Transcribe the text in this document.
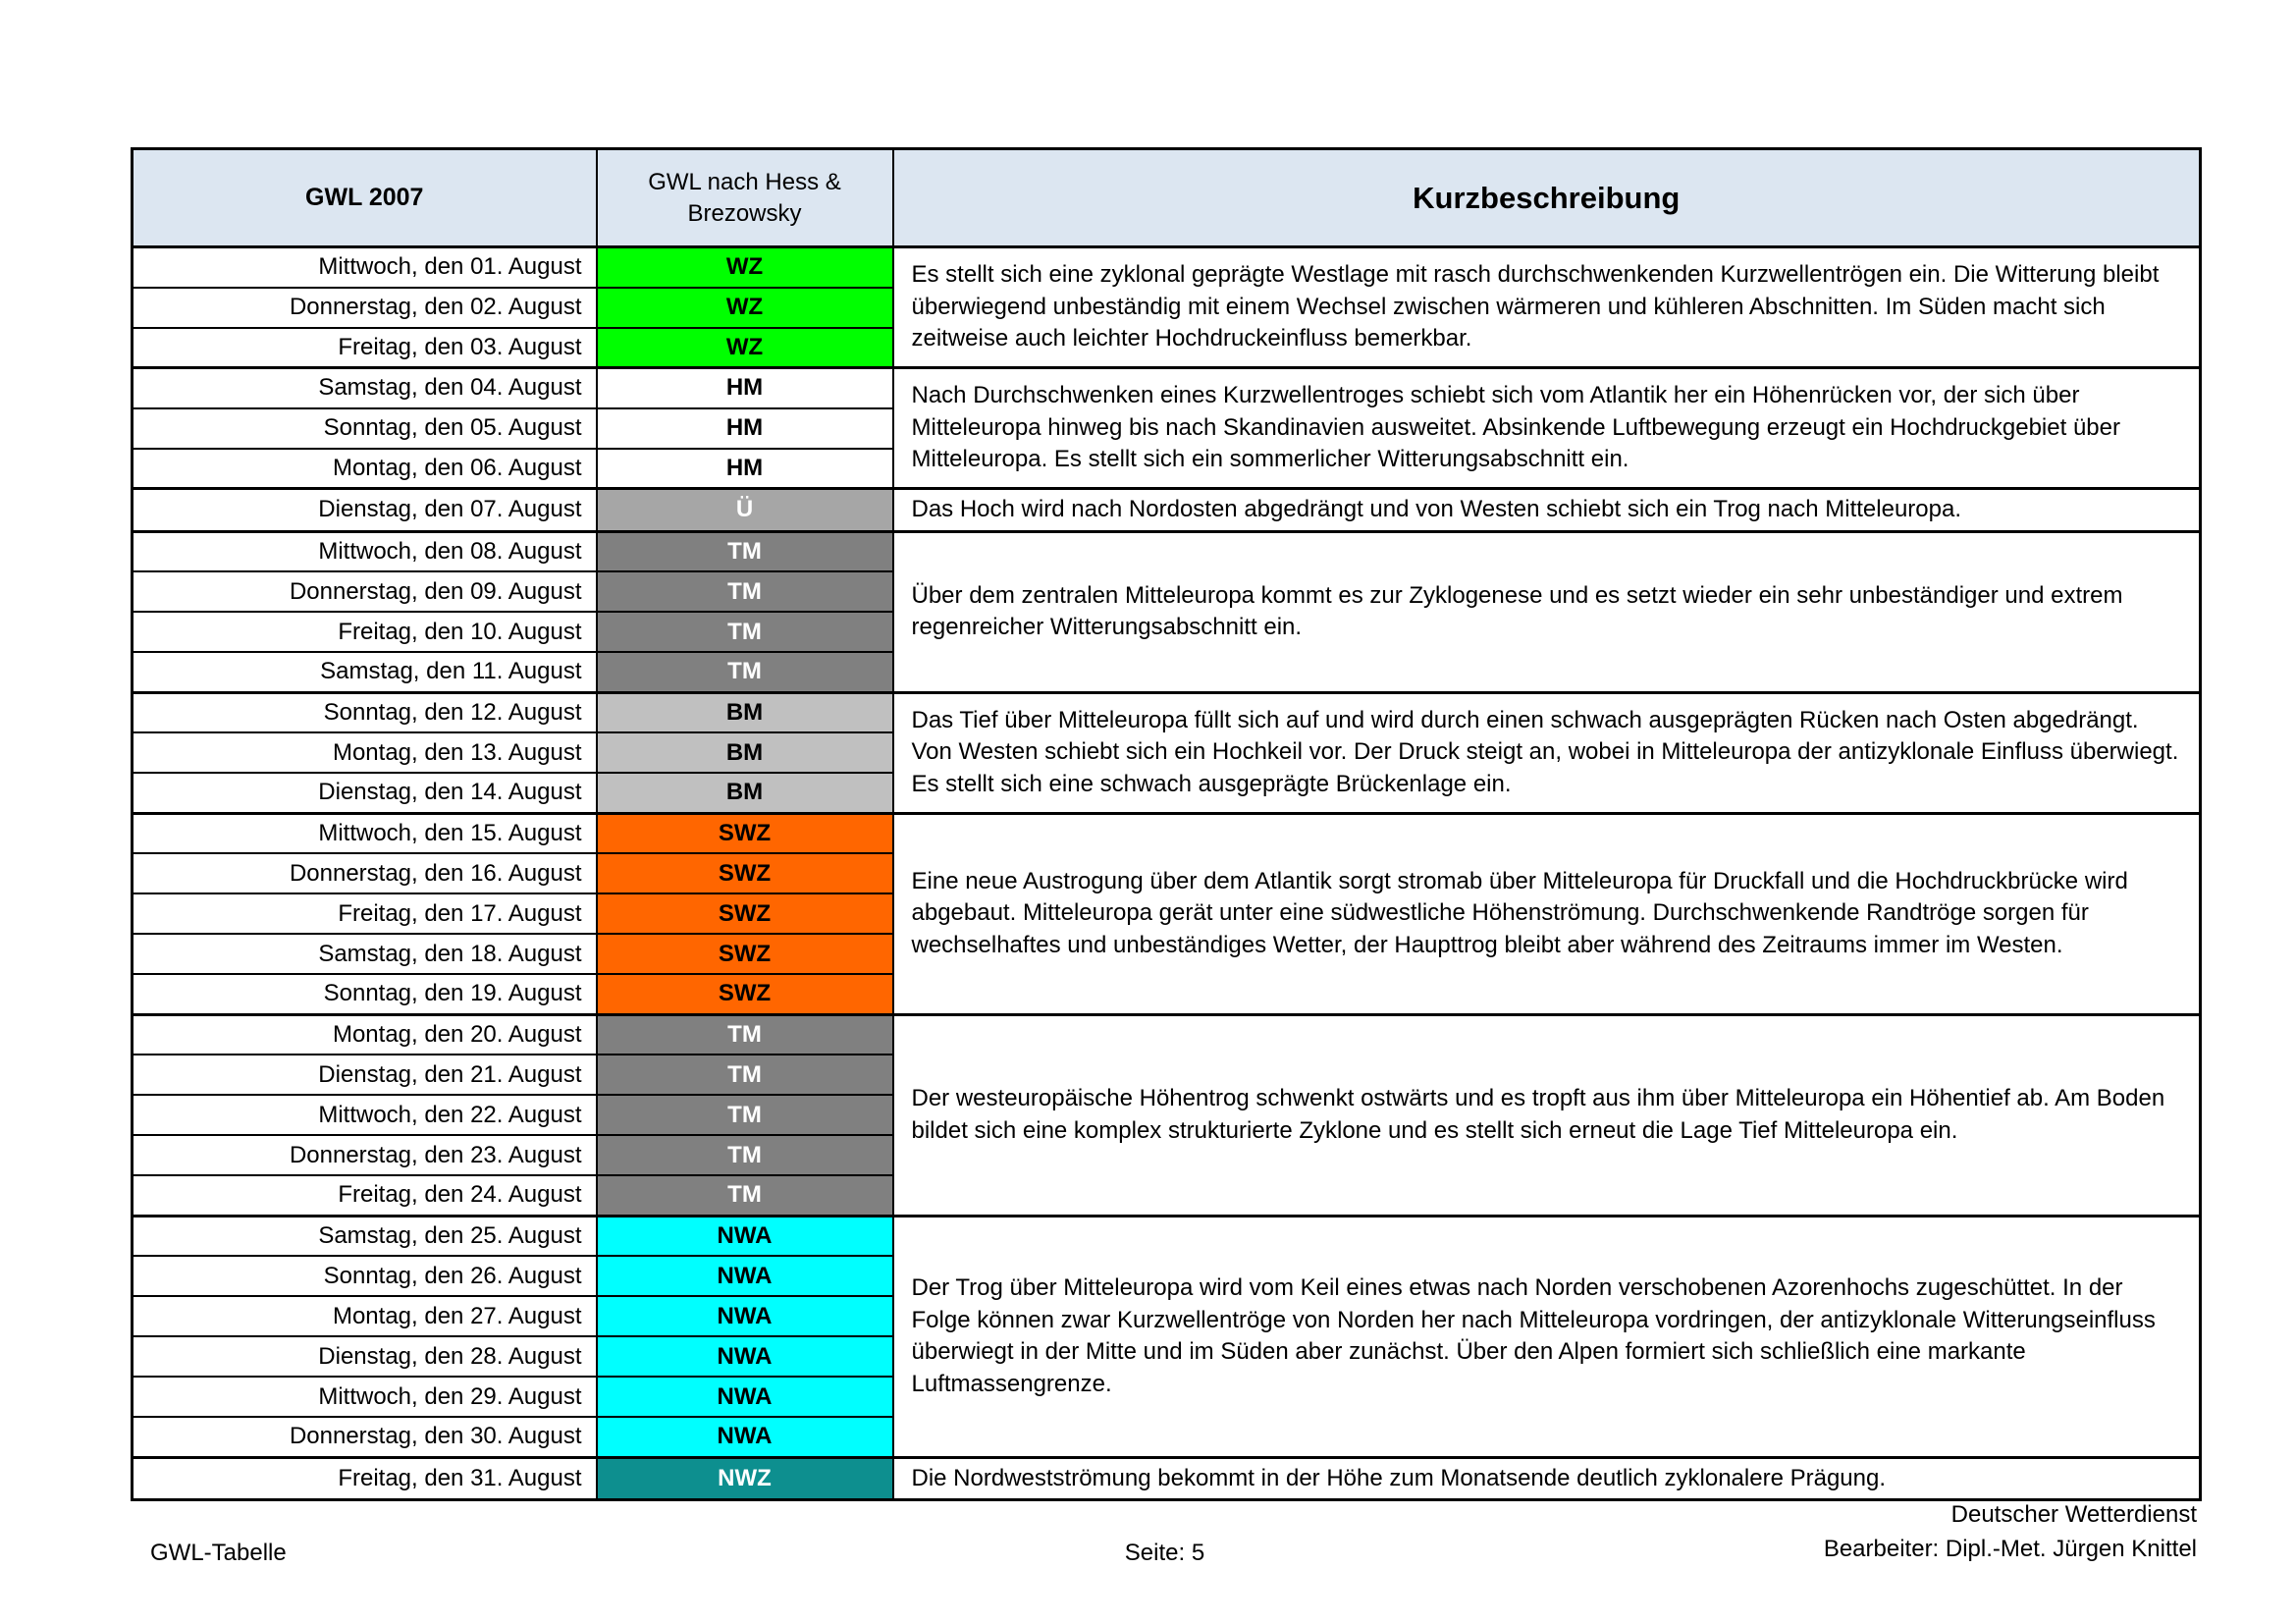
GWL 2007	GWL nach Hess & Brezowsky	Kurzbeschreibung
Mittwoch, den 01. August	WZ	Es stellt sich eine zyklonal geprägte Westlage mit rasch durchschwenkenden Kurzwellentrögen ein. Die Witterung bleibt überwiegend unbeständig mit einem Wechsel zwischen wärmeren und kühleren Abschnitten. Im Süden macht sich zeitweise auch leichter Hochdruckeinfluss bemerkbar.
Donnerstag, den 02. August	WZ	
Freitag, den 03. August	WZ	
Samstag, den 04. August	HM	Nach Durchschwenken eines Kurzwellentroges schiebt sich vom Atlantik her ein Höhenrücken vor, der sich über Mitteleuropa hinweg bis nach Skandinavien ausweitet. Absinkende Luftbewegung erzeugt ein Hochdruckgebiet über Mitteleuropa. Es stellt sich ein sommerlicher Witterungsabschnitt ein.
Sonntag, den 05. August	HM	
Montag, den 06. August	HM	
Dienstag, den 07. August	Ü	Das Hoch wird nach Nordosten abgedrängt und von Westen schiebt sich ein Trog nach Mitteleuropa.
Mittwoch, den 08. August	TM	Über dem zentralen Mitteleuropa kommt es zur Zyklogenese und es setzt wieder ein sehr unbeständiger und extrem regenreicher Witterungsabschnitt ein.
Donnerstag, den 09. August	TM	
Freitag, den 10. August	TM	
Samstag, den 11. August	TM	
Sonntag, den 12. August	BM	Das Tief über Mitteleuropa füllt sich auf und wird durch einen schwach ausgeprägten Rücken nach Osten abgedrängt. Von Westen schiebt sich ein Hochkeil vor. Der Druck steigt an, wobei in Mitteleuropa der antizyklonale Einfluss überwiegt. Es stellt sich eine schwach ausgeprägte Brückenlage ein.
Montag, den 13. August	BM	
Dienstag, den 14. August	BM	
Mittwoch, den 15. August	SWZ	Eine neue Austrogung über dem Atlantik sorgt stromab über Mitteleuropa für Druckfall und die Hochdruckbrücke wird abgebaut. Mitteleuropa gerät unter eine südwestliche Höhenströmung. Durchschwenkende Randtröge sorgen für wechselhaftes und unbeständiges Wetter, der Haupttrog bleibt aber während des Zeitraums immer im Westen.
Donnerstag, den 16. August	SWZ	
Freitag, den 17. August	SWZ	
Samstag, den 18. August	SWZ	
Sonntag, den 19. August	SWZ	
Montag, den 20. August	TM	Der westeuropäische Höhentrog schwenkt ostwärts und es tropft aus ihm über Mitteleuropa ein Höhentief ab. Am Boden bildet sich eine komplex strukturierte Zyklone und es stellt sich erneut die Lage Tief Mitteleuropa ein.
Dienstag, den 21. August	TM	
Mittwoch, den 22. August	TM	
Donnerstag, den 23. August	TM	
Freitag, den 24. August	TM	
Samstag, den 25. August	NWA	Der Trog über Mitteleuropa wird vom Keil eines etwas nach Norden verschobenen Azorenhochs zugeschüttet. In der Folge können zwar Kurzwellentröge von Norden her nach Mitteleuropa vordringen, der antizyklonale Witterungseinfluss überwiegt in der Mitte und im Süden aber zunächst. Über den Alpen formiert sich schließlich eine markante Luftmassengrenze.
Sonntag, den 26. August	NWA	
Montag, den 27. August	NWA	
Dienstag, den 28. August	NWA	
Mittwoch, den 29. August	NWA	
Donnerstag, den 30. August	NWA	
Freitag, den 31. August	NWZ	Die Nordwestströmung bekommt in der Höhe zum Monatsende deutlich zyklonalere Prägung.
GWL-Tabelle	Seite: 5
Deutscher Wetterdienst
Bearbeiter: Dipl.-Met. Jürgen Knittel
